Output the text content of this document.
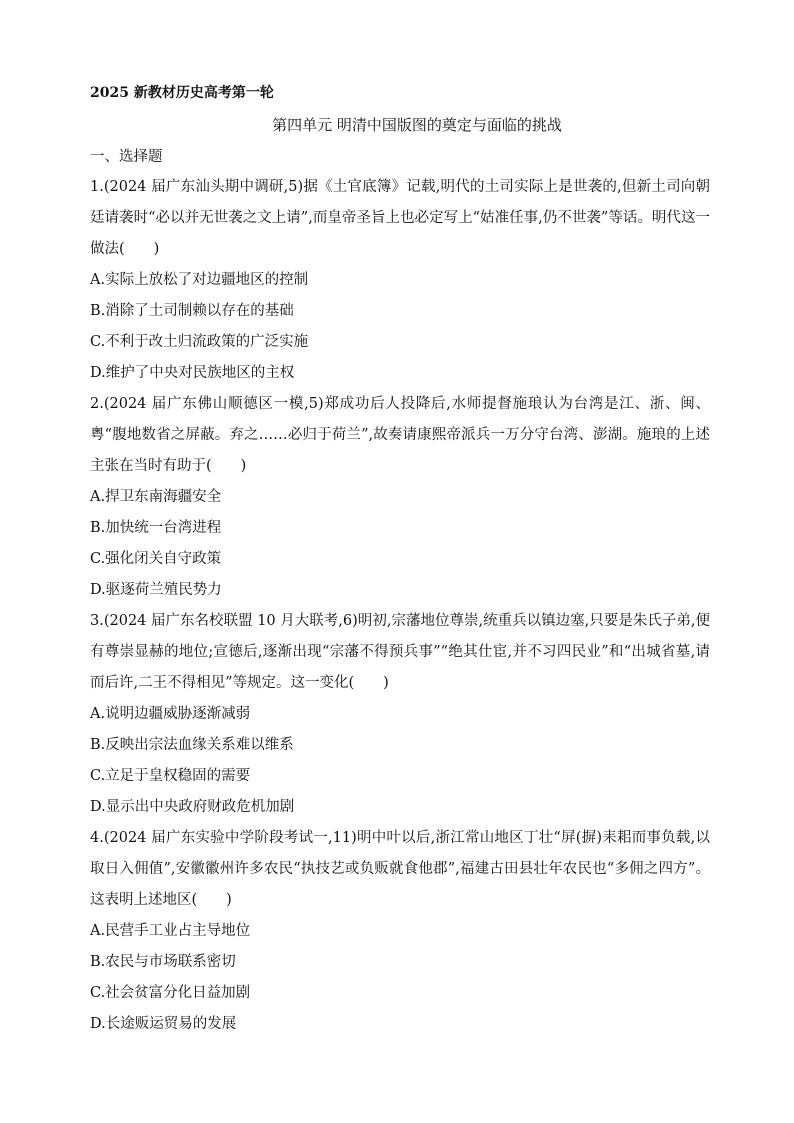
2025 新教材历史高考第一轮
第四单元 明清中国版图的奠定与面临的挑战
一、选择题
1.(2024 届广东汕头期中调研,5)据《土官底簿》记载,明代的土司实际上是世袭的,但新土司向朝廷请袭时“必以并无世袭之文上请”,而皇帝圣旨上也必定写上“姑准任事,仍不世袭”等话。明代这一做法(　　)
A.实际上放松了对边疆地区的控制
B.消除了土司制赖以存在的基础
C.不利于改土归流政策的广泛实施
D.维护了中央对民族地区的主权
2.(2024 届广东佛山顺德区一模,5)郑成功后人投降后,水师提督施琅认为台湾是江、浙、闽、粤“腹地数省之屏蔽。弃之……必归于荷兰”,故奏请康熙帝派兵一万分守台湾、澎湖。施琅的上述主张在当时有助于(　　)
A.捍卫东南海疆安全
B.加快统一台湾进程
C.强化闭关自守政策
D.驱逐荷兰殖民势力
3.(2024 届广东名校联盟 10 月大联考,6)明初,宗藩地位尊崇,统重兵以镇边塞,只要是朱氏子弟,便有尊崇显赫的地位;宣德后,逐渐出现“宗藩不得预兵事”“绝其仕宦,并不习四民业”和“出城省墓,请而后许,二王不得相见”等规定。这一变化(　　)
A.说明边疆威胁逐渐减弱
B.反映出宗法血缘关系难以维系
C.立足于皇权稳固的需要
D.显示出中央政府财政危机加剧
4.(2024 届广东实验中学阶段考试一,11)明中叶以后,浙江常山地区丁壮“屏(摒)耒耜而事负载,以取日入佣值”,安徽徽州许多农民“执技艺或负贩就食他郡”,福建古田县壮年农民也“多佣之四方”。这表明上述地区(　　)
A.民营手工业占主导地位
B.农民与市场联系密切
C.社会贫富分化日益加剧
D.长途贩运贸易的发展
